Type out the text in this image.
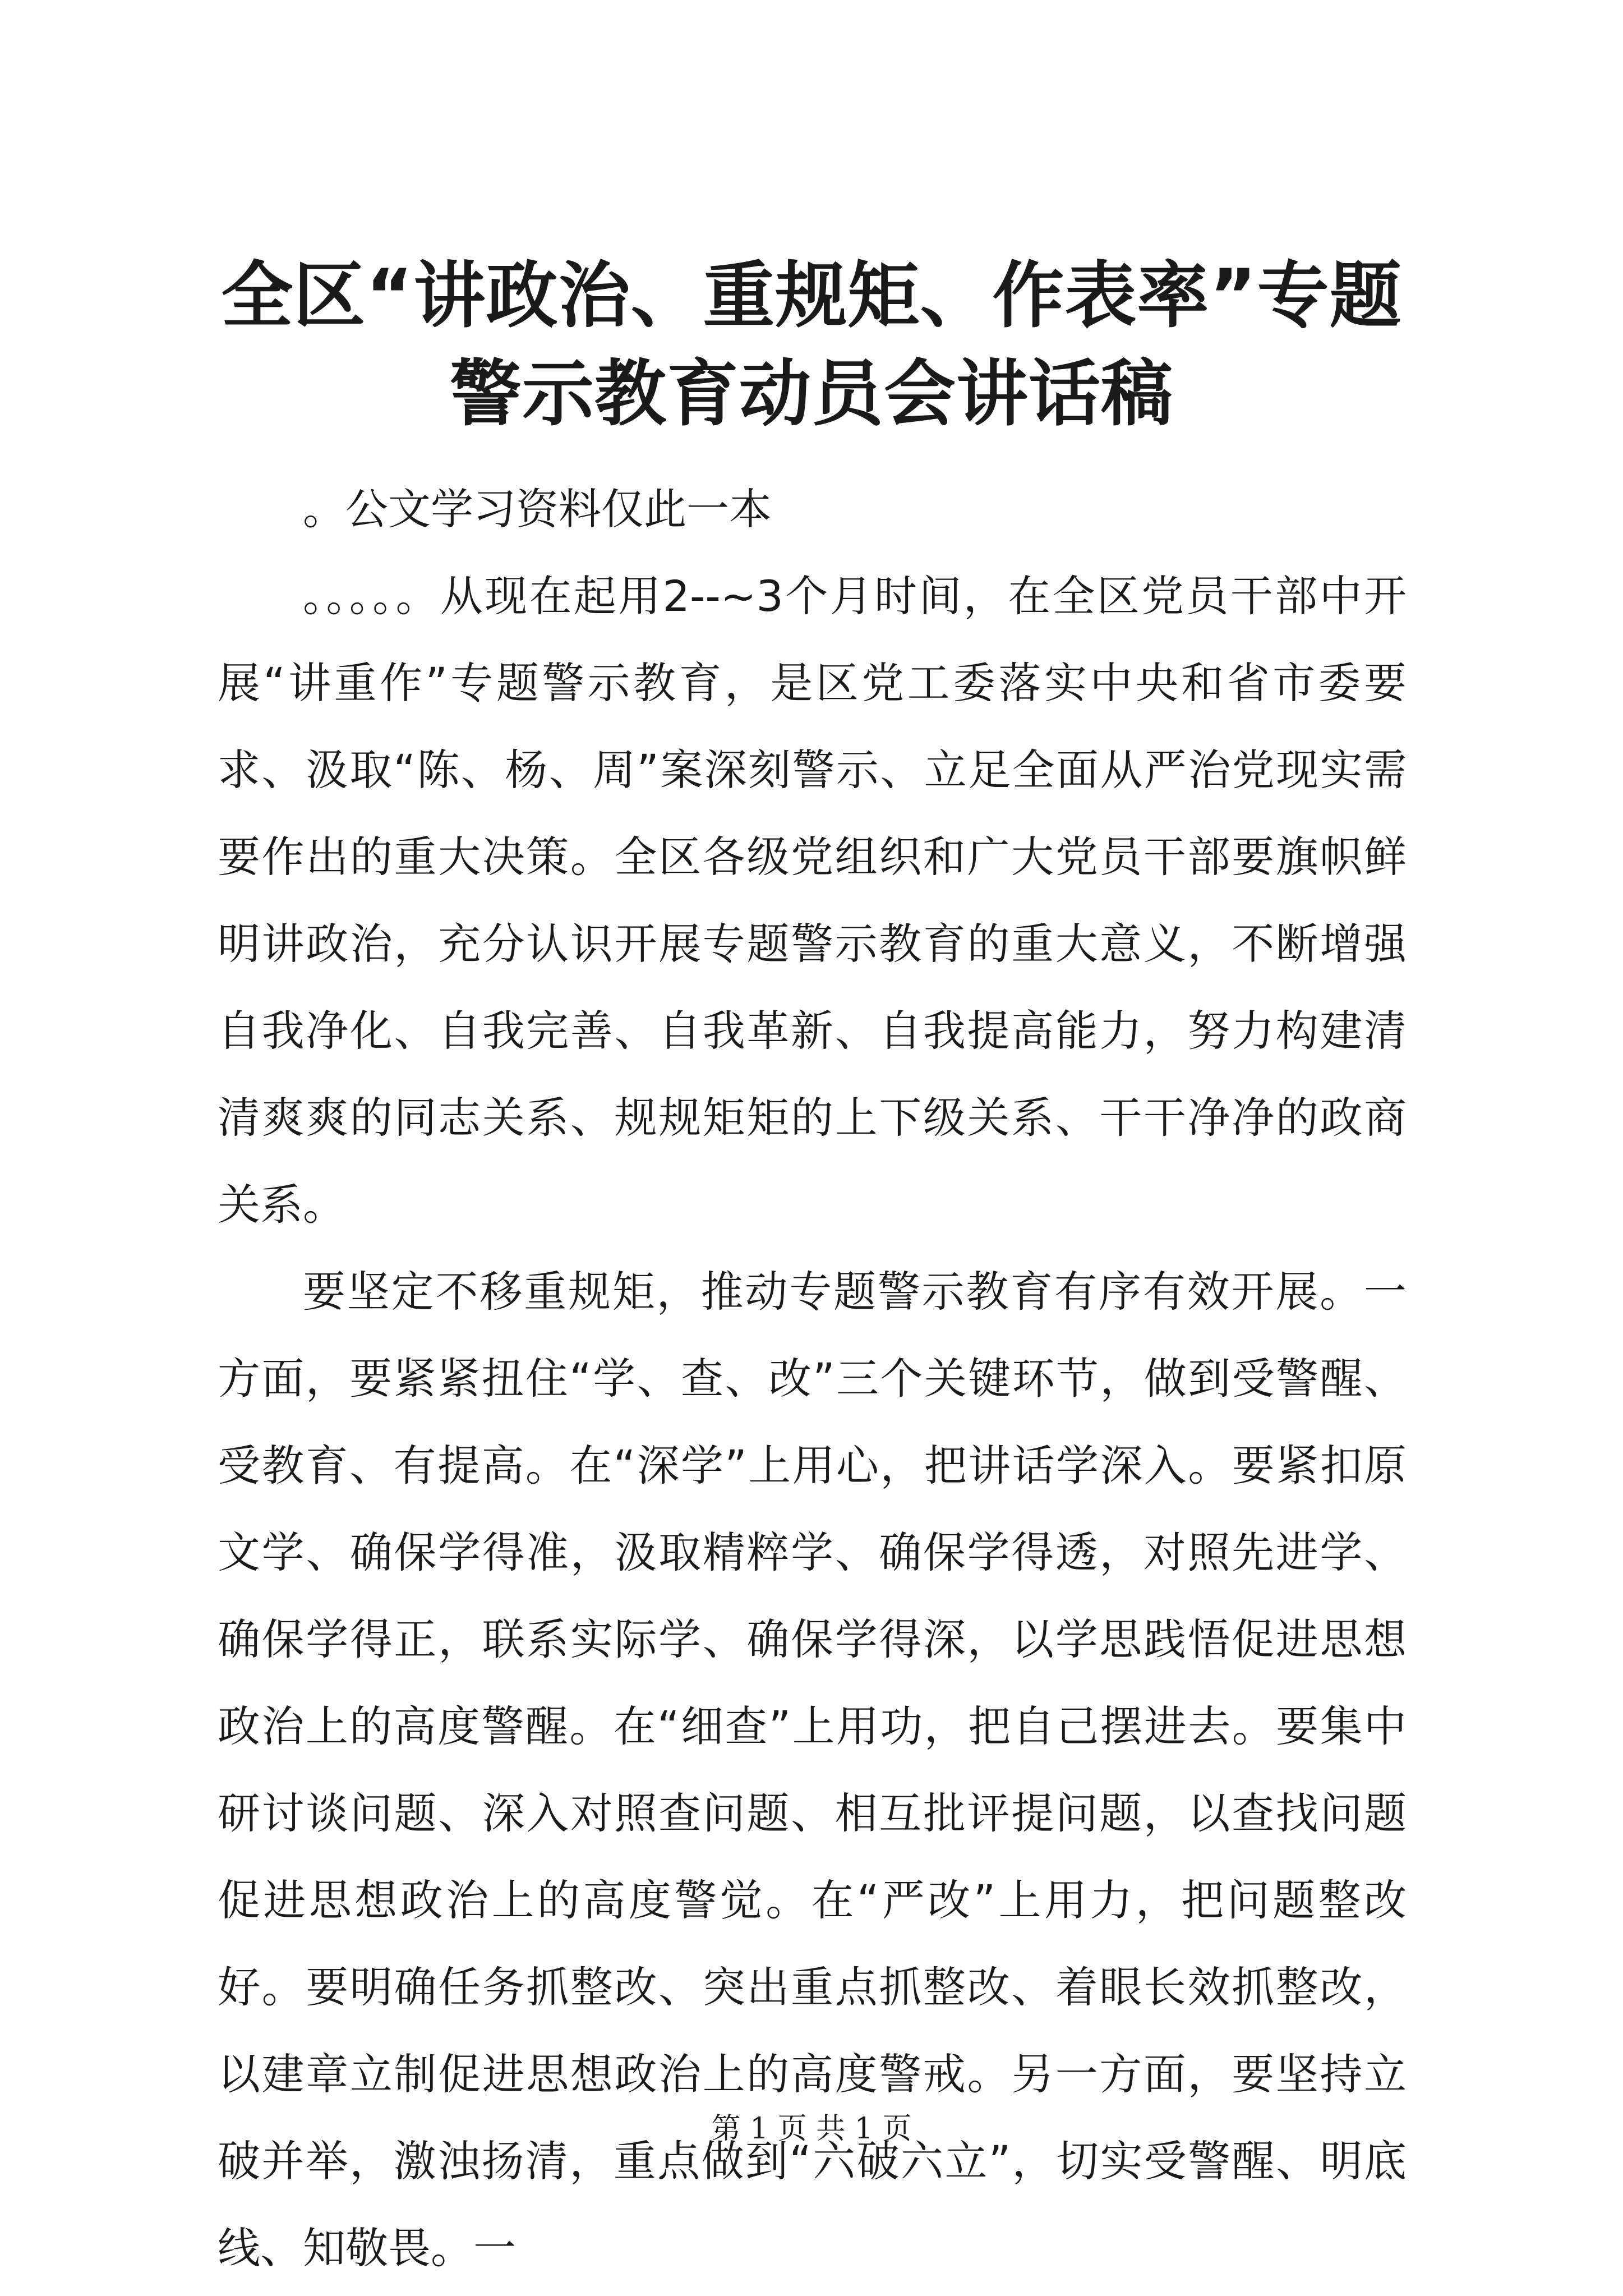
全区“讲政治、重规矩、作表率”专题警示教育动员会讲话稿

。公文学习资料仅此一本

。。。。。从现在起用2--~3个月时间，在全区党员干部中开展“讲重作”专题警示教育，是区党工委落实中央和省市委要求、汲取“陈、杨、周”案深刻警示、立足全面从严治党现实需要作出的重大决策。全区各级党组织和广大党员干部要旗帜鲜明讲政治，充分认识开展专题警示教育的重大意义，不断增强自我净化、自我完善、自我革新、自我提高能力，努力构建清清爽爽的同志关系、规规矩矩的上下级关系、干干净净的政商关系。

要坚定不移重规矩，推动专题警示教育有序有效开展。一方面，要紧紧扭住“学、查、改”三个关键环节，做到受警醒、受教育、有提高。在“深学”上用心，把讲话学深入。要紧扣原文学、确保学得准，汲取精粹学、确保学得透，对照先进学、确保学得正，联系实际学、确保学得深，以学思践悟促进思想政治上的高度警醒。在“细查”上用功，把自己摆进去。要集中研讨谈问题、深入对照查问题、相互批评提问题，以查找问题促进思想政治上的高度警觉。在“严改”上用力，把问题整改好。要明确任务抓整改、突出重点抓整改、着眼长效抓整改，以建章立制促进思想政治上的高度警戒。另一方面，要坚持立破并举，激浊扬清，重点做到“六破六立”，切实受警醒、明底线、知敬畏。一

第 1 页 共 1 页
